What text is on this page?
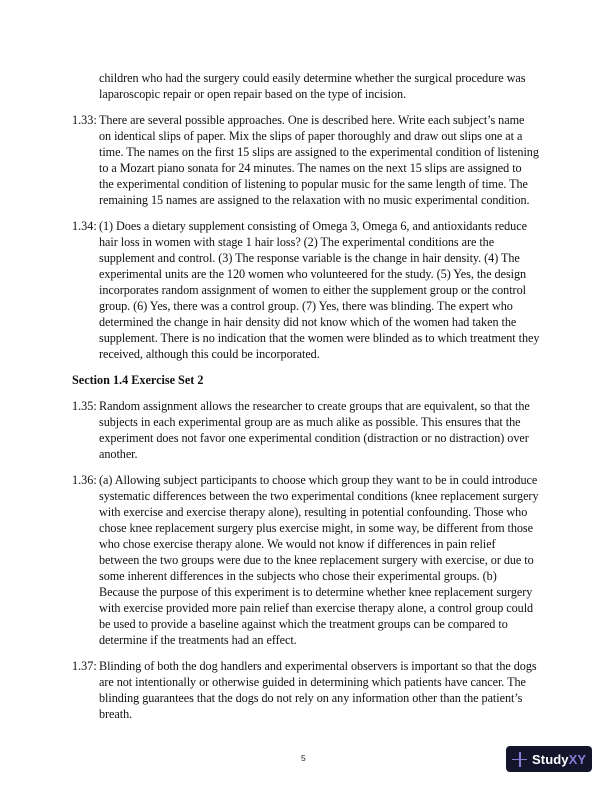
children who had the surgery could easily determine whether the surgical procedure was
laparoscopic repair or open repair based on the type of incision.
1.33: There are several possible approaches. One is described here. Write each subject’s name
on identical slips of paper. Mix the slips of paper thoroughly and draw out slips one at a
time. The names on the first 15 slips are assigned to the experimental condition of listening
to a Mozart piano sonata for 24 minutes. The names on the next 15 slips are assigned to
the experimental condition of listening to popular music for the same length of time. The
remaining 15 names are assigned to the relaxation with no music experimental condition.
1.34: (1) Does a dietary supplement consisting of Omega 3, Omega 6, and antioxidants reduce
hair loss in women with stage 1 hair loss? (2) The experimental conditions are the
supplement and control. (3) The response variable is the change in hair density. (4) The
experimental units are the 120 women who volunteered for the study. (5) Yes, the design
incorporates random assignment of women to either the supplement group or the control
group. (6) Yes, there was a control group. (7) Yes, there was blinding. The expert who
determined the change in hair density did not know which of the women had taken the
supplement. There is no indication that the women were blinded as to which treatment they
received, although this could be incorporated.
Section 1.4 Exercise Set 2
1.35: Random assignment allows the researcher to create groups that are equivalent, so that the
subjects in each experimental group are as much alike as possible. This ensures that the
experiment does not favor one experimental condition (distraction or no distraction) over
another.
1.36: (a) Allowing subject participants to choose which group they want to be in could introduce
systematic differences between the two experimental conditions (knee replacement surgery
with exercise and exercise therapy alone), resulting in potential confounding. Those who
chose knee replacement surgery plus exercise might, in some way, be different from those
who chose exercise therapy alone. We would not know if differences in pain relief
between the two groups were due to the knee replacement surgery with exercise, or due to
some inherent differences in the subjects who chose their experimental groups. (b)
Because the purpose of this experiment is to determine whether knee replacement surgery
with exercise provided more pain relief than exercise therapy alone, a control group could
be used to provide a baseline against which the treatment groups can be compared to
determine if the treatments had an effect.
1.37: Blinding of both the dog handlers and experimental observers is important so that the dogs
are not intentionally or otherwise guided in determining which patients have cancer. The
blinding guarantees that the dogs do not rely on any information other than the patient’s
breath.
5	StudyXY
